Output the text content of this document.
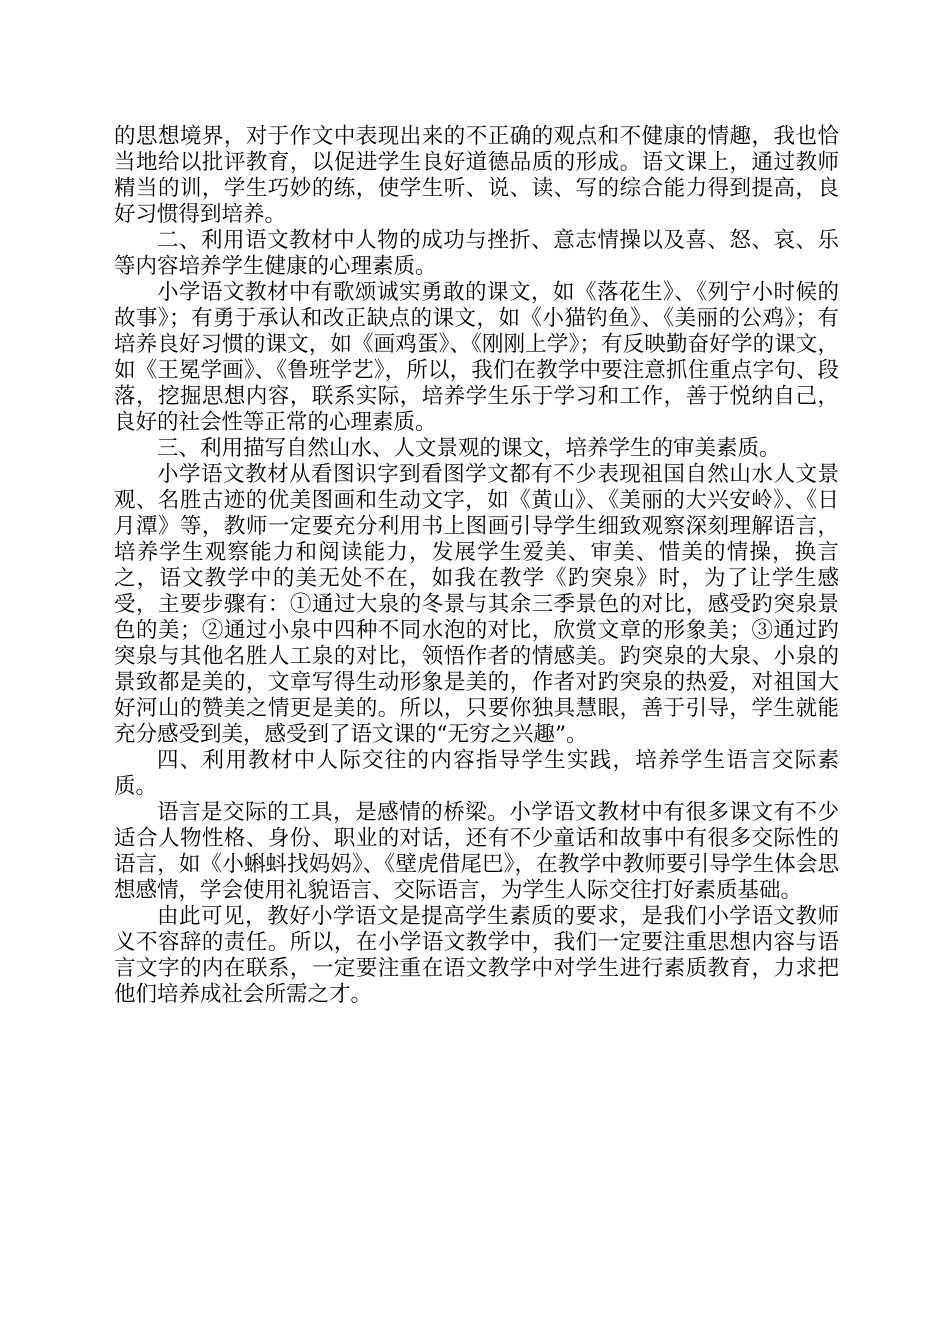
的思想境界，对于作文中表现出来的不正确的观点和不健康的情趣，我也恰当地给以批评教育，以促进学生良好道德品质的形成。语文课上，通过教师精当的训，学生巧妙的练，使学生听、说、读、写的综合能力得到提高，良好习惯得到培养。

二、利用语文教材中人物的成功与挫折、意志情操以及喜、怒、哀、乐等内容培养学生健康的心理素质。

小学语文教材中有歌颂诚实勇敢的课文，如《落花生》、《列宁小时候的故事》；有勇于承认和改正缺点的课文，如《小猫钓鱼》、《美丽的公鸡》；有培养良好习惯的课文，如《画鸡蛋》、《刚刚上学》；有反映勤奋好学的课文，如《王冕学画》、《鲁班学艺》，所以，我们在教学中要注意抓住重点字句、段落，挖掘思想内容，联系实际，培养学生乐于学习和工作，善于悦纳自己，良好的社会性等正常的心理素质。

三、利用描写自然山水、人文景观的课文，培养学生的审美素质。

小学语文教材从看图识字到看图学文都有不少表现祖国自然山水人文景观、名胜古迹的优美图画和生动文字，如《黄山》、《美丽的大兴安岭》、《日月潭》等，教师一定要充分利用书上图画引导学生细致观察深刻理解语言，培养学生观察能力和阅读能力，发展学生爱美、审美、惜美的情操，换言之，语文教学中的美无处不在，如我在教学《趵突泉》时，为了让学生感受，主要步骤有：①通过大泉的冬景与其余三季景色的对比，感受趵突泉景色的美；②通过小泉中四种不同水泡的对比，欣赏文章的形象美；③通过趵突泉与其他名胜人工泉的对比，领悟作者的情感美。趵突泉的大泉、小泉的景致都是美的，文章写得生动形象是美的，作者对趵突泉的热爱，对祖国大好河山的赞美之情更是美的。所以，只要你独具慧眼，善于引导，学生就能充分感受到美，感受到了语文课的“无穷之兴趣”。

四、利用教材中人际交往的内容指导学生实践，培养学生语言交际素质。

语言是交际的工具，是感情的桥梁。小学语文教材中有很多课文有不少适合人物性格、身份、职业的对话，还有不少童话和故事中有很多交际性的语言，如《小蝌蚪找妈妈》、《壁虎借尾巴》，在教学中教师要引导学生体会思想感情，学会使用礼貌语言、交际语言，为学生人际交往打好素质基础。

由此可见，教好小学语文是提高学生素质的要求，是我们小学语文教师义不容辞的责任。所以，在小学语文教学中，我们一定要注重思想内容与语言文字的内在联系，一定要注重在语文教学中对学生进行素质教育，力求把他们培养成社会所需之才。
